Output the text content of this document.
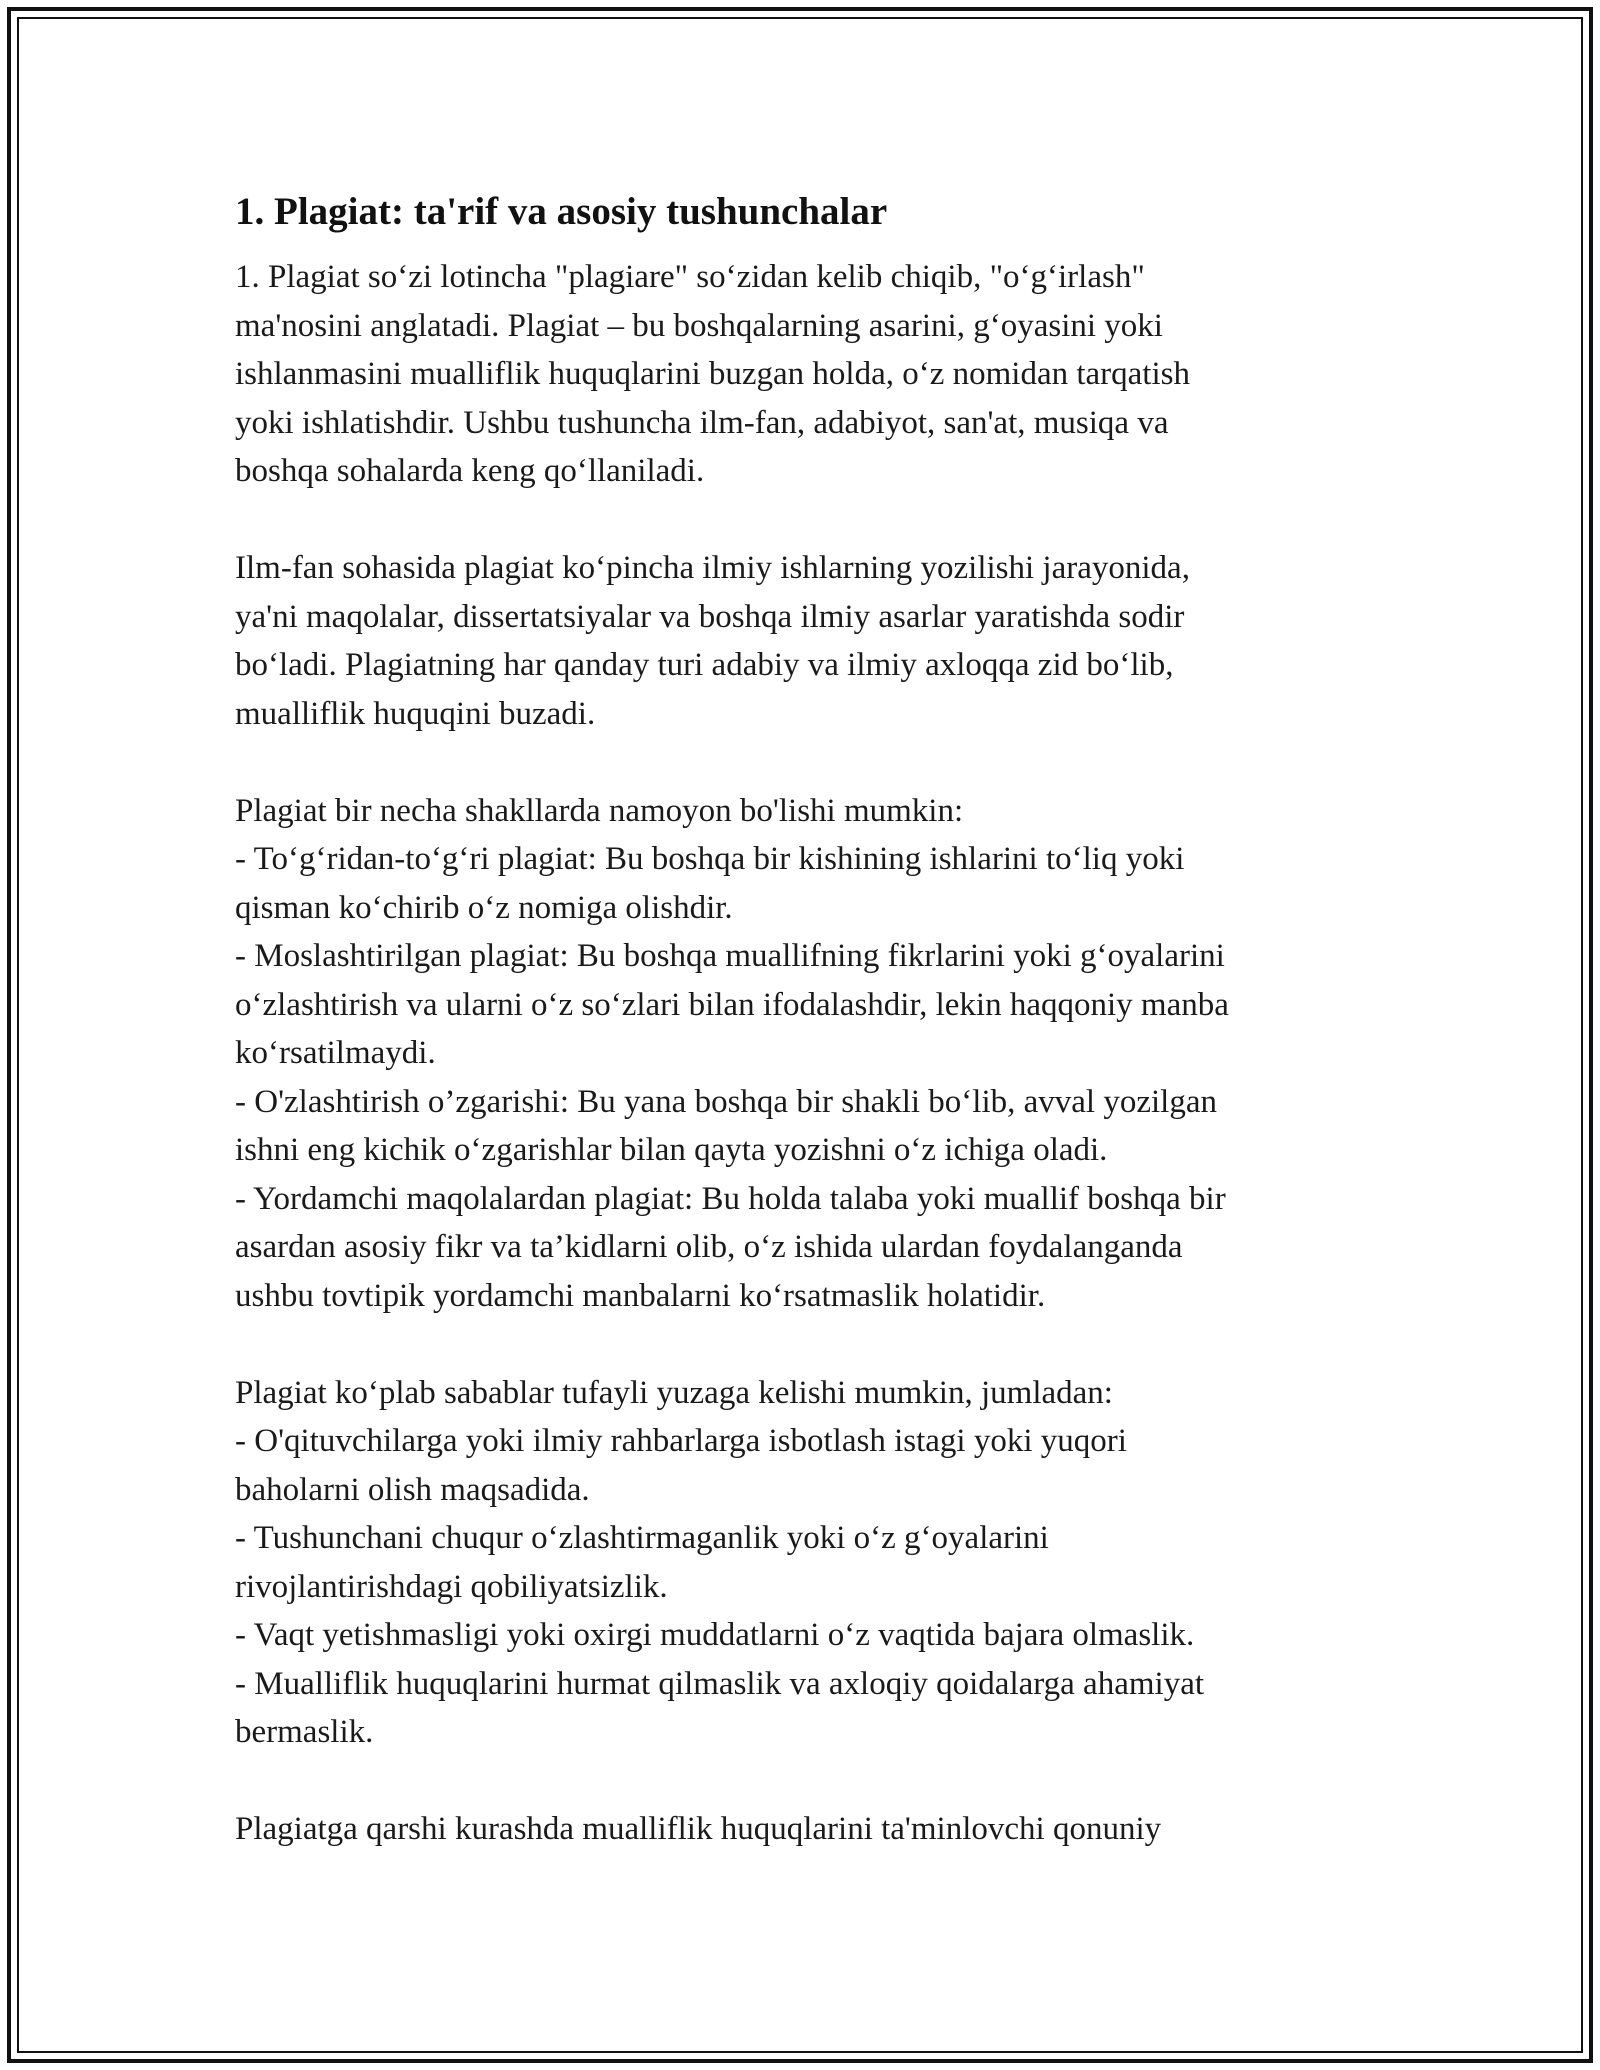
1. Plagiat: ta'rif va asosiy tushunchalar
1. Plagiat so‘zi lotincha "plagiare" so‘zidan kelib chiqib, "o‘g‘irlash"
ma'nosini anglatadi. Plagiat – bu boshqalarning asarini, g‘oyasini yoki
ishlanmasini mualliflik huquqlarini buzgan holda, o‘z nomidan tarqatish
yoki ishlatishdir. Ushbu tushuncha ilm-fan, adabiyot, san'at, musiqa va
boshqa sohalarda keng qo‘llaniladi.
Ilm-fan sohasida plagiat ko‘pincha ilmiy ishlarning yozilishi jarayonida,
ya'ni maqolalar, dissertatsiyalar va boshqa ilmiy asarlar yaratishda sodir
bo‘ladi. Plagiatning har qanday turi adabiy va ilmiy axloqqa zid bo‘lib,
mualliflik huquqini buzadi.
Plagiat bir necha shakllarda namoyon bo'lishi mumkin:
- To‘g‘ridan-to‘g‘ri plagiat: Bu boshqa bir kishining ishlarini to‘liq yoki
qisman ko‘chirib o‘z nomiga olishdir.
- Moslashtirilgan plagiat: Bu boshqa muallifning fikrlarini yoki g‘oyalarini
o‘zlashtirish va ularni o‘z so‘zlari bilan ifodalashdir, lekin haqqoniy manba
ko‘rsatilmaydi.
- O'zlashtirish o’zgarishi: Bu yana boshqa bir shakli bo‘lib, avval yozilgan
ishni eng kichik o‘zgarishlar bilan qayta yozishni o‘z ichiga oladi.
- Yordamchi maqolalardan plagiat: Bu holda talaba yoki muallif boshqa bir
asardan asosiy fikr va ta’kidlarni olib, o‘z ishida ulardan foydalanganda
ushbu tovtipik yordamchi manbalarni ko‘rsatmaslik holatidir.
Plagiat ko‘plab sabablar tufayli yuzaga kelishi mumkin, jumladan:
- O'qituvchilarga yoki ilmiy rahbarlarga isbotlash istagi yoki yuqori
baholarni olish maqsadida.
- Tushunchani chuqur o‘zlashtirmaganlik yoki o‘z g‘oyalarini
rivojlantirishdagi qobiliyatsizlik.
- Vaqt yetishmasligi yoki oxirgi muddatlarni o‘z vaqtida bajara olmaslik.
- Mualliflik huquqlarini hurmat qilmaslik va axloqiy qoidalarga ahamiyat
bermaslik.
Plagiatga qarshi kurashda mualliflik huquqlarini ta'minlovchi qonuniy
